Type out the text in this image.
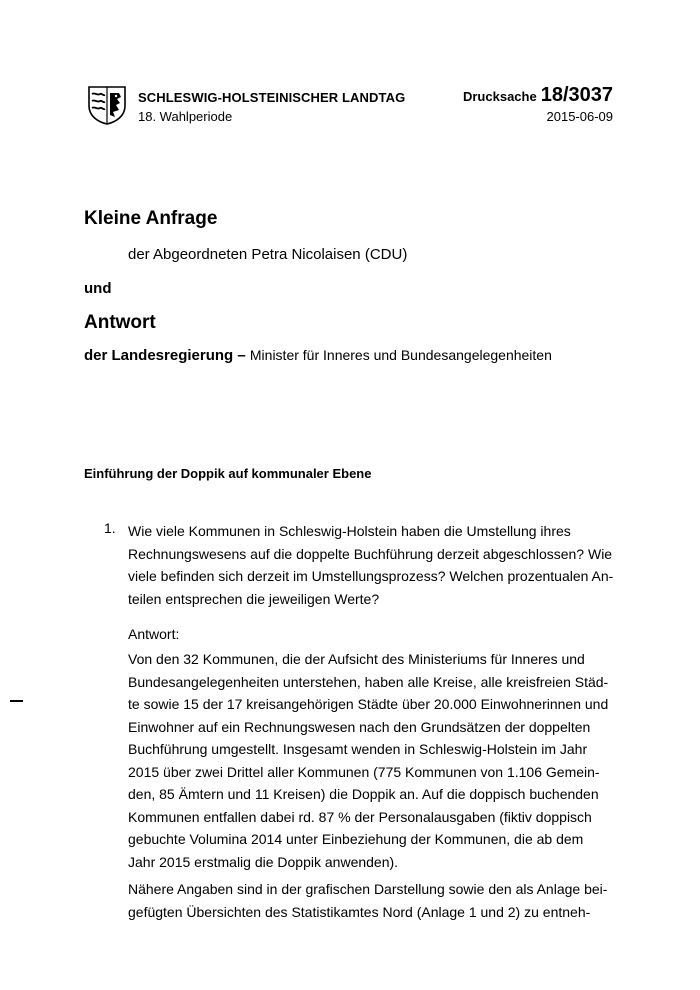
SCHLESWIG-HOLSTEINISCHER LANDTAG
18. Wahlperiode
Drucksache 18/3037
2015-06-09
Kleine Anfrage
der Abgeordneten Petra Nicolaisen (CDU)
und
Antwort
der Landesregierung – Minister für Inneres und Bundesangelegenheiten
Einführung der Doppik auf kommunaler Ebene
1. Wie viele Kommunen in Schleswig-Holstein haben die Umstellung ihres
Rechnungswesens auf die doppelte Buchführung derzeit abgeschlossen? Wie
viele befinden sich derzeit im Umstellungsprozess? Welchen prozentualen An-
teilen entsprechen die jeweiligen Werte?
Antwort:
Von den 32 Kommunen, die der Aufsicht des Ministeriums für Inneres und
Bundesangelegenheiten unterstehen, haben alle Kreise, alle kreisfreien Städ-
te sowie 15 der 17 kreisangehörigen Städte über 20.000 Einwohnerinnen und
Einwohner auf ein Rechnungswesen nach den Grundsätzen der doppelten
Buchführung umgestellt. Insgesamt wenden in Schleswig-Holstein im Jahr
2015 über zwei Drittel aller Kommunen (775 Kommunen von 1.106 Gemein-
den, 85 Ämtern und 11 Kreisen) die Doppik an. Auf die doppisch buchenden
Kommunen entfallen dabei rd. 87 % der Personalausgaben (fiktiv doppisch
gebuchte Volumina 2014 unter Einbeziehung der Kommunen, die ab dem
Jahr 2015 erstmalig die Doppik anwenden).
Nähere Angaben sind in der grafischen Darstellung sowie den als Anlage bei-
gefügten Übersichten des Statistikamtes Nord (Anlage 1 und 2) zu entneh-
